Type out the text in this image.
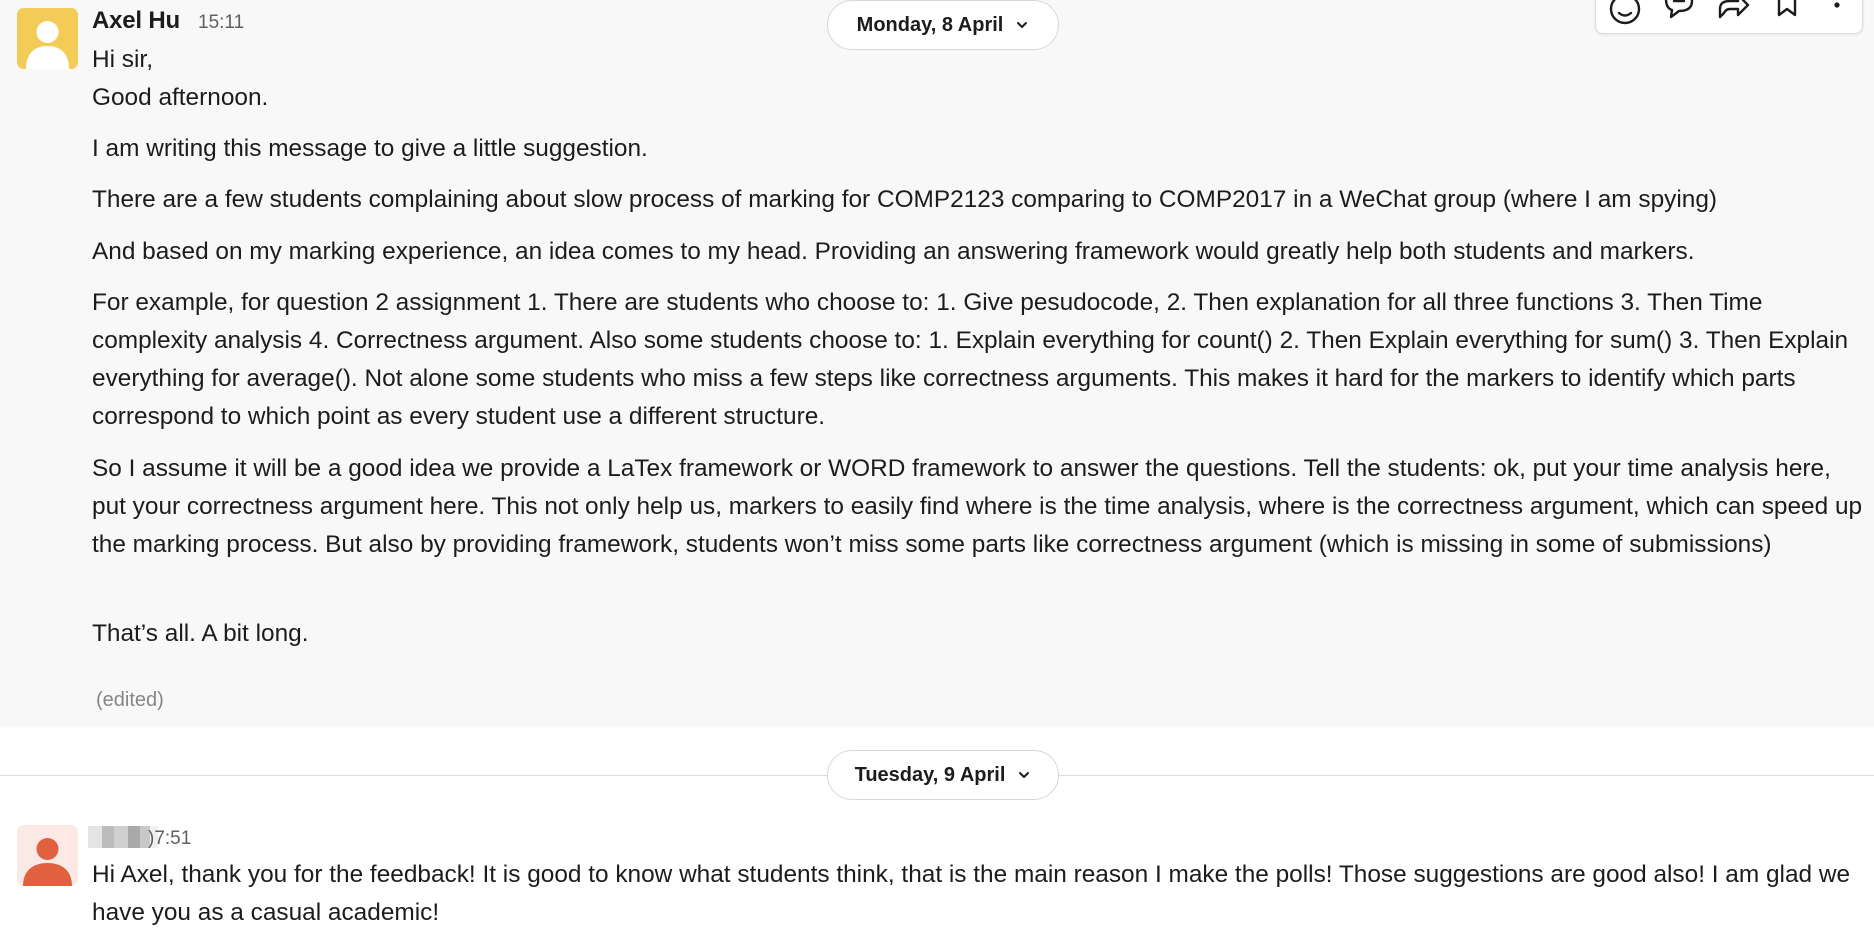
Axel Hu 15:11
Hi sir,
Good afternoon.
I am writing this message to give a little suggestion.
There are a few students complaining about slow process of marking for COMP2123 comparing to COMP2017 in a WeChat group (where I am spying)
And based on my marking experience, an idea comes to my head. Providing an answering framework would greatly help both students and markers.
For example, for question 2 assignment 1. There are students who choose to: 1. Give pesudocode, 2. Then explanation for all three functions 3. Then Time complexity analysis 4. Correctness argument. Also some students choose to: 1. Explain everything for count() 2. Then Explain everything for sum() 3. Then Explain everything for average(). Not alone some students who miss a few steps like correctness arguments. This makes it hard for the markers to identify which parts correspond to which point as every student use a different structure.
So I assume it will be a good idea we provide a LaTex framework or WORD framework to answer the questions. Tell the students: ok, put your time analysis here, put your correctness argument here. This not only help us, markers to easily find where is the time analysis, where is the correctness argument, which can speed up the marking process. But also by providing framework, students won’t miss some parts like correctness argument (which is missing in some of submissions)
That’s all. A bit long.
(edited)
Monday, 8 April
Tuesday, 9 April
)7:51
Hi Axel, thank you for the feedback! It is good to know what students think, that is the main reason I make the polls! Those suggestions are good also! I am glad we have you as a casual academic!
